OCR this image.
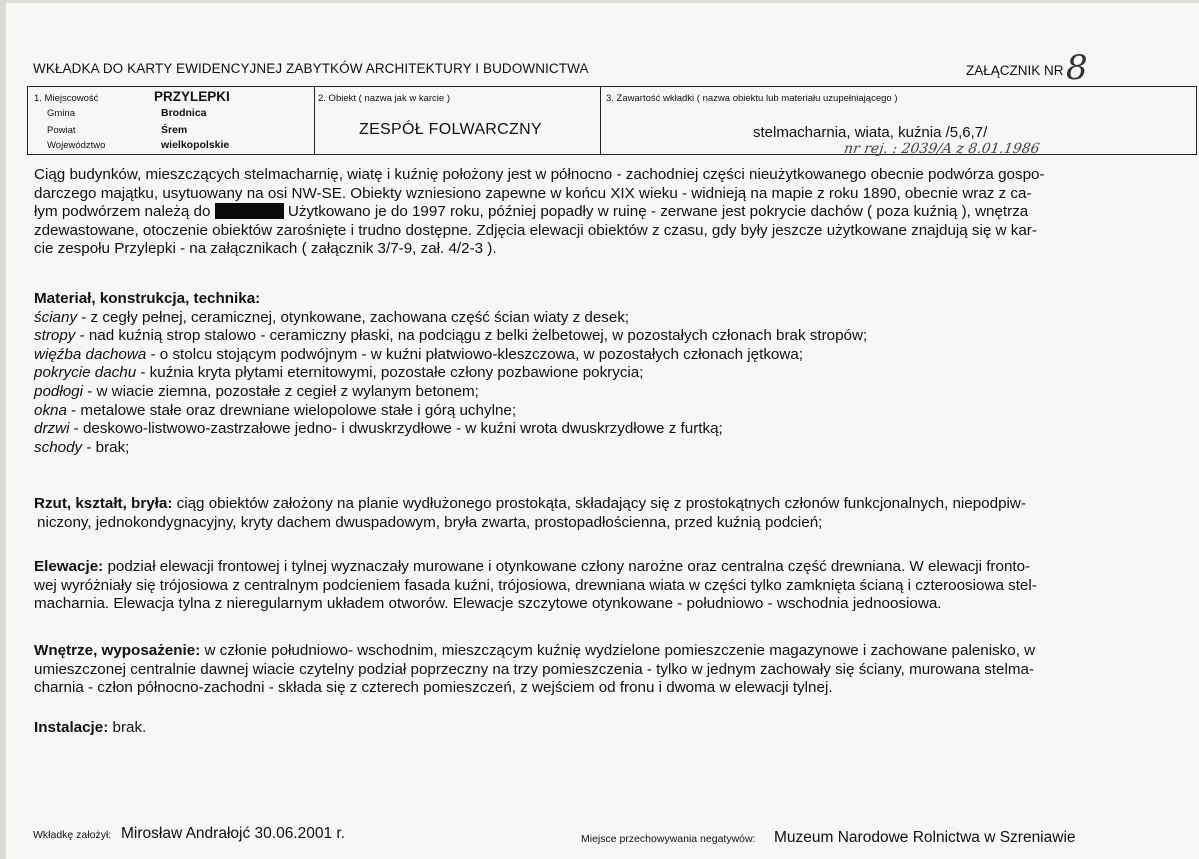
WKŁADKA DO KARTY EWIDENCYJNEJ ZABYTKÓW ARCHITEKTURY I BUDOWNICTWA	ZAŁĄCZNIK NR 8
1. Miejscowość	PRZYLEPKI
Gmina	Brodnica
Powiat	Śrem
Województwo	wielkopolskie
2. Obiekt ( nazwa jak w karcie )
ZESPÓŁ FOLWARCZNY
3. Zawartość wkładki ( nazwa obiektu lub materiału uzupełniającego )
stelmacharnia, wiata, kuźnia /5,6,7/
nr rej. : 2039/A z 8.01.1986
Ciąg budynków, mieszczących stelmacharnię, wiatę i kuźnię położony jest w północno - zachodniej części nieużytkowanego obecnie podwórza gospo-
darczego majątku, usytuowany na osi NW-SE. Obiekty wzniesiono zapewne w końcu XIX wieku - widnieją na mapie z roku 1890, obecnie wraz z ca-
łym podwórzem należą do	Użytkowano je do 1997 roku, później popadły w ruinę - zerwane jest pokrycie dachów ( poza kuźnią ), wnętrza
zdewastowane, otoczenie obiektów zarośnięte i trudno dostępne. Zdjęcia elewacji obiektów z czasu, gdy były jeszcze użytkowane znajdują się w kar-
cie zespołu Przylepki - na załącznikach ( załącznik 3/7-9, zał. 4/2-3 ).
Materiał, konstrukcja, technika:
ściany - z cegły pełnej, ceramicznej, otynkowane, zachowana część ścian wiaty z desek;
stropy - nad kuźnią strop stalowo - ceramiczny płaski, na podciągu z belki żelbetowej, w pozostałych członach brak stropów;
więźba dachowa - o stolcu stojącym podwójnym - w kuźni płatwiowo-kleszczowa, w pozostałych członach jętkowa;
pokrycie dachu - kuźnia kryta płytami eternitowymi, pozostałe człony pozbawione pokrycia;
podłogi - w wiacie ziemna, pozostałe z cegieł z wylanym betonem;
okna - metalowe stałe oraz drewniane wielopolowe stałe i górą uchylne;
drzwi - deskowo-listwowo-zastrzałowe jedno- i dwuskrzydłowe - w kuźni wrota dwuskrzydłowe z furtką;
schody - brak;
Rzut, kształt, bryła: ciąg obiektów założony na planie wydłużonego prostokąta, składający się z prostokątnych członów funkcjonalnych, niepodpiw-
niczony, jednokondygnacyjny, kryty dachem dwuspadowym, bryła zwarta, prostopadłościenna, przed kuźnią podcień;
Elewacje: podział elewacji frontowej i tylnej wyznaczały murowane i otynkowane człony narożne oraz centralna część drewniana. W elewacji fronto-
wej wyróżniały się trójosiowa z centralnym podcieniem fasada kuźni, trójosiowa, drewniana wiata w części tylko zamknięta ścianą i czteroosiowa stel-
macharnia. Elewacja tylna z nieregularnym układem otworów. Elewacje szczytowe otynkowane - południowo - wschodnia jednoosiowa.
Wnętrze, wyposażenie: w członie południowo- wschodnim, mieszczącym kuźnię wydzielone pomieszczenie magazynowe i zachowane palenisko, w
umieszczonej centralnie dawnej wiacie czytelny podział poprzeczny na trzy pomieszczenia - tylko w jednym zachowały się ściany, murowana stelma-
charnia - człon północno-zachodni - składa się z czterech pomieszczeń, z wejściem od fronu i dwoma w elewacji tylnej.
Instalacje: brak.
Wkładkę założył: Mirosław Andrałojć 30.06.2001 r.	Miejsce przechowywania negatywów: Muzeum Narodowe Rolnictwa w Szreniawie
